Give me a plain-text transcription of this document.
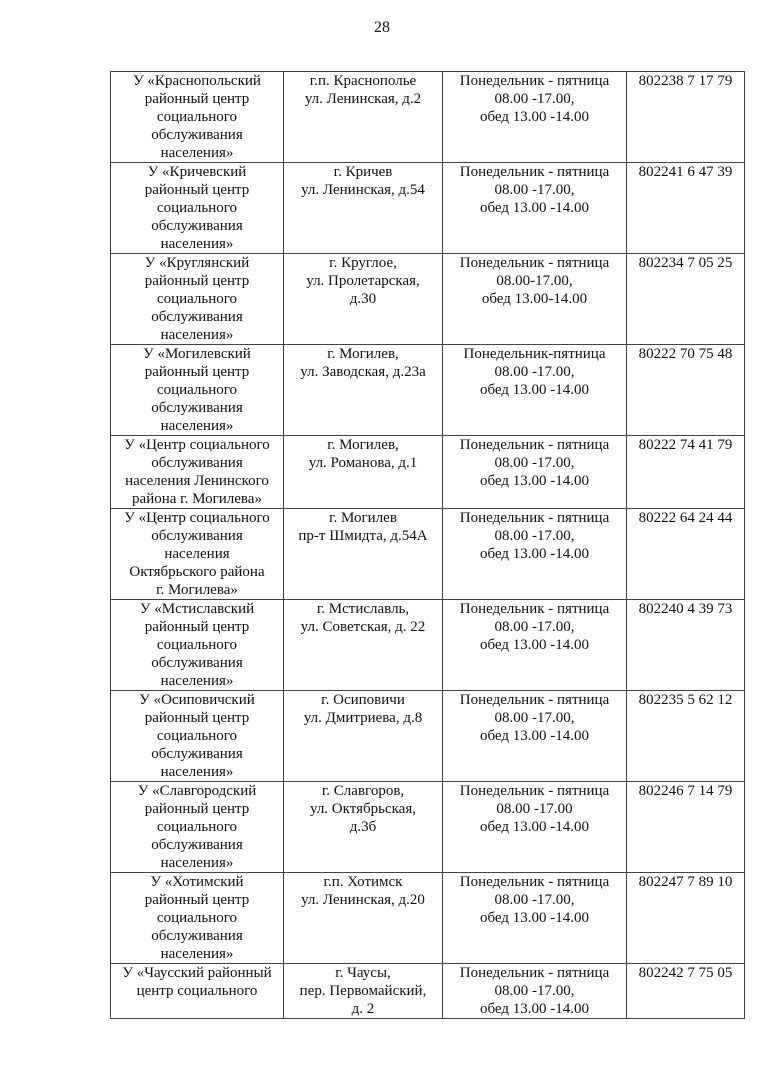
28
У «Краснопольский
районный центр
социального
обслуживания
населения»	г.п. Краснополье
ул. Ленинская, д.2	Понедельник - пятница
08.00 -17.00,
обед 13.00 -14.00	802238 7 17 79
У «Кричевский
районный центр
социального
обслуживания
населения»	г. Кричев
ул. Ленинская, д.54	Понедельник - пятница
08.00 -17.00,
обед 13.00 -14.00	802241 6 47 39
У «Круглянский
районный центр
социального
обслуживания
населения»	г. Круглое,
ул. Пролетарская,
д.30	Понедельник - пятница
08.00-17.00,
обед 13.00-14.00	802234 7 05 25
У «Могилевский
районный центр
социального
обслуживания
населения»	г. Могилев,
ул. Заводская, д.23а	Понедельник-пятница
08.00 -17.00,
обед 13.00 -14.00	80222 70 75 48
У «Центр социального
обслуживания
населения Ленинского
района г. Могилева»	г. Могилев,
ул. Романова, д.1	Понедельник - пятница
08.00 -17.00,
обед 13.00 -14.00	80222 74 41 79
У «Центр социального
обслуживания
населения
Октябрьского района
г. Могилева»	г. Могилев
пр-т Шмидта, д.54А	Понедельник - пятница
08.00 -17.00,
обед 13.00 -14.00	80222 64 24 44
У «Мстиславский
районный центр
социального
обслуживания
населения»	г. Мстиславль,
ул. Советская, д. 22	Понедельник - пятница
08.00 -17.00,
обед 13.00 -14.00	802240 4 39 73
У «Осиповичский
районный центр
социального
обслуживания
населения»	г. Осиповичи
ул. Дмитриева, д.8	Понедельник - пятница
08.00 -17.00,
обед 13.00 -14.00	802235 5 62 12
У «Славгородский
районный центр
социального
обслуживания
населения»	г. Славгоров,
ул. Октябрьская,
д.3б	Понедельник - пятница
08.00 -17.00
обед 13.00 -14.00	802246 7 14 79
У «Хотимский
районный центр
социального
обслуживания
населения»	г.п. Хотимск
ул. Ленинская, д.20	Понедельник - пятница
08.00 -17.00,
обед 13.00 -14.00	802247 7 89 10
У «Чаусский районный
центр социального	г. Чаусы,
пер. Первомайский,
д. 2	Понедельник - пятница
08.00 -17.00,
обед 13.00 -14.00	802242 7 75 05
